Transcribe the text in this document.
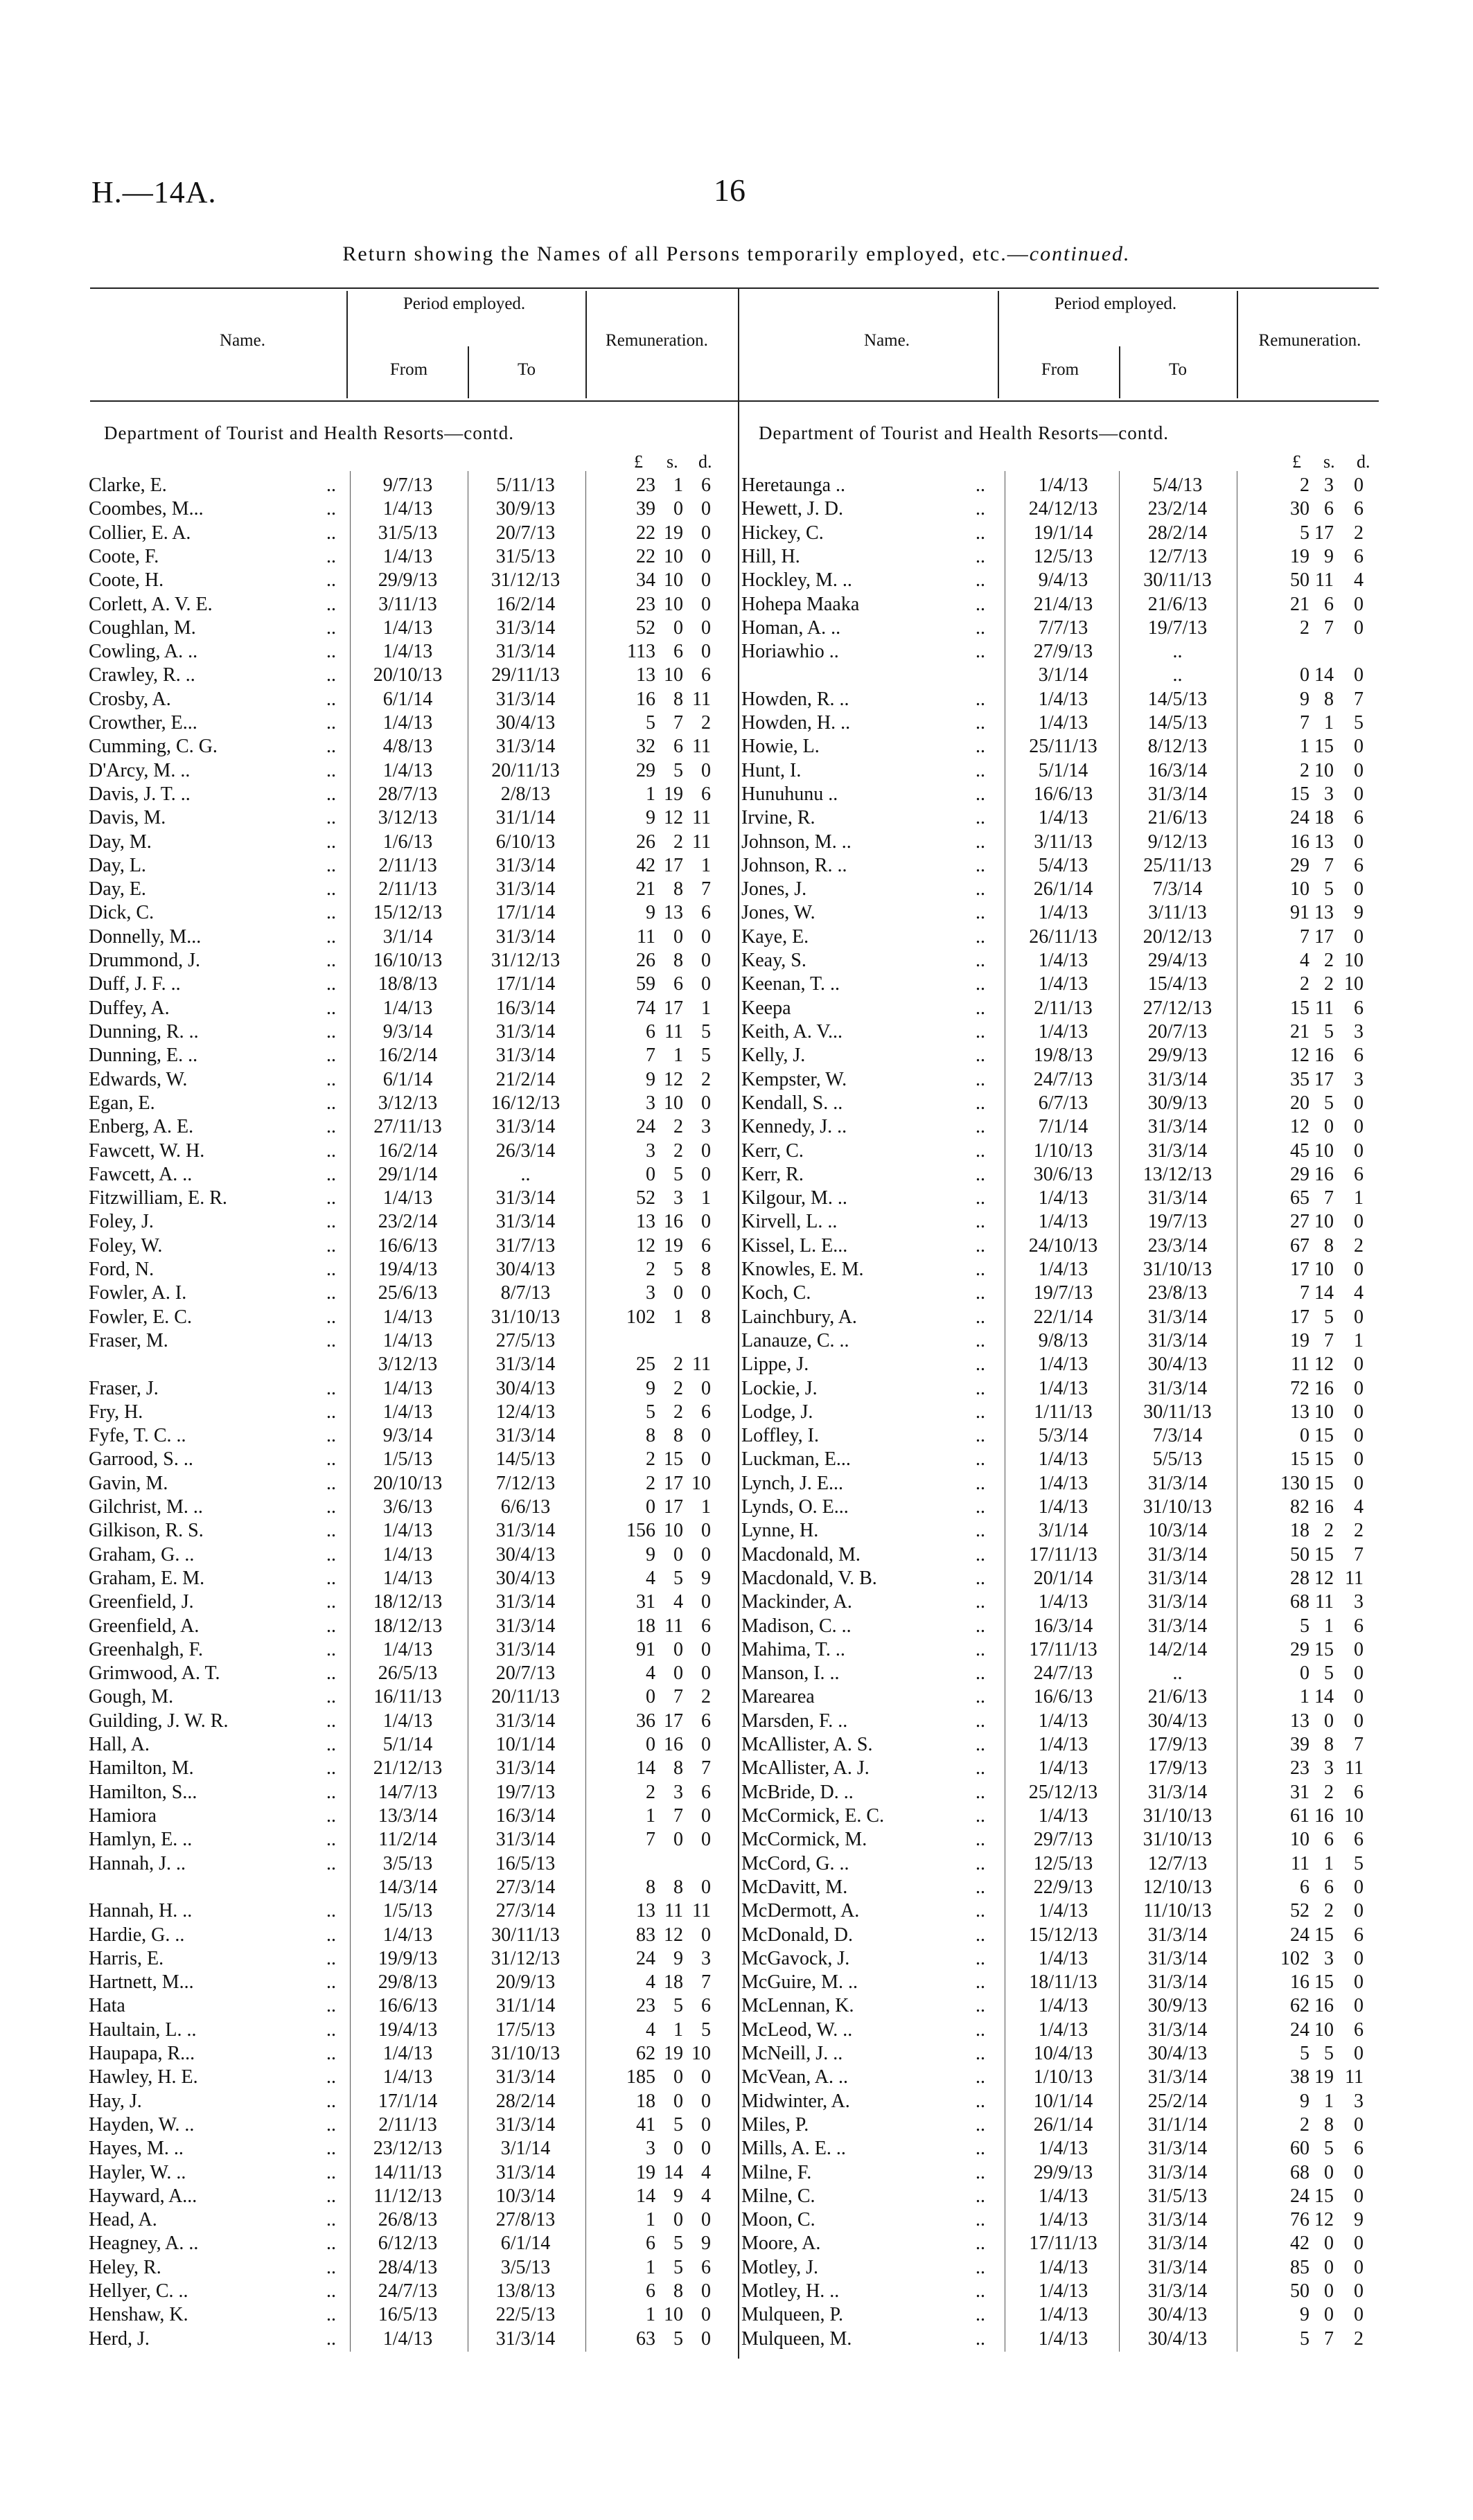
H.—14A.	16
Return showing the Names of all Persons temporarily employed, etc.—continued.
Name.
Period employed.
From	To
Remuneration.	Name.
Period employed.
From	To
Remuneration.
Department of Tourist and Health Resorts—contd.	Department of Tourist and Health Resorts—contd.
£ s. d.	£ s. d.
Clarke, E.	..	9/7/13	5/11/13	23 1 6
Coombes, M...	..	1/4/13	30/9/13	39 0 0
Collier, E. A.	..	31/5/13	20/7/13	22 19 0
Coote, F.	..	1/4/13	31/5/13	22 10 0
Coote, H.	..	29/9/13	31/12/13	34 10 0
Corlett, A. V. E.	..	3/11/13	16/2/14	23 10 0
Coughlan, M.	..	1/4/13	31/3/14	52 0 0
Cowling, A. ..	..	1/4/13	31/3/14	113 6 0
Crawley, R. ..	..	20/10/13	29/11/13	13 10 6
Crosby, A.	..	6/1/14	31/3/14	16 8 11
Crowther, E...	..	1/4/13	30/4/13	5 7 2
Cumming, C. G.	..	4/8/13	31/3/14	32 6 11
D'Arcy, M. ..	..	1/4/13	20/11/13	29 5 0
Davis, J. T. ..	..	28/7/13	2/8/13	1 19 6
Davis, M.	..	3/12/13	31/1/14	9 12 11
Day, M.	..	1/6/13	6/10/13	26 2 11
Day, L.	..	2/11/13	31/3/14	42 17 1
Day, E.	..	2/11/13	31/3/14	21 8 7
Dick, C.	..	15/12/13	17/1/14	9 13 6
Donnelly, M...	..	3/1/14	31/3/14	11 0 0
Drummond, J.	..	16/10/13	31/12/13	26 8 0
Duff, J. F. ..	..	18/8/13	17/1/14	59 6 0
Duffey, A.	..	1/4/13	16/3/14	74 17 1
Dunning, R. ..	..	9/3/14	31/3/14	6 11 5
Dunning, E. ..	..	16/2/14	31/3/14	7 1 5
Edwards, W.	..	6/1/14	21/2/14	9 12 2
Egan, E.	..	3/12/13	16/12/13	3 10 0
Enberg, A. E.	..	27/11/13	31/3/14	24 2 3
Fawcett, W. H.	..	16/2/14	26/3/14	3 2 0
Fawcett, A. ..	..	29/1/14	..	0 5 0
Fitzwilliam, E. R.	..	1/4/13	31/3/14	52 3 1
Foley, J.	..	23/2/14	31/3/14	13 16 0
Foley, W.	..	16/6/13	31/7/13	12 19 6
Ford, N.	..	19/4/13	30/4/13	2 5 8
Fowler, A. I.	..	25/6/13	8/7/13	3 0 0
Fowler, E. C.	..	1/4/13	31/10/13	102 1 8
Fraser, M.	..	1/4/13	27/5/13
3/12/13	31/3/14	25 2 11
Fraser, J.	..	1/4/13	30/4/13	9 2 0
Fry, H.	..	1/4/13	12/4/13	5 2 6
Fyfe, T. C. ..	..	9/3/14	31/3/14	8 8 0
Garrood, S. ..	..	1/5/13	14/5/13	2 15 0
Gavin, M.	..	20/10/13	7/12/13	2 17 10
Gilchrist, M. ..	..	3/6/13	6/6/13	0 17 1
Gilkison, R. S.	..	1/4/13	31/3/14	156 10 0
Graham, G. ..	..	1/4/13	30/4/13	9 0 0
Graham, E. M.	..	1/4/13	30/4/13	4 5 9
Greenfield, J.	..	18/12/13	31/3/14	31 4 0
Greenfield, A.	..	18/12/13	31/3/14	18 11 6
Greenhalgh, F.	..	1/4/13	31/3/14	91 0 0
Grimwood, A. T.	..	26/5/13	20/7/13	4 0 0
Gough, M.	..	16/11/13	20/11/13	0 7 2
Guilding, J. W. R.	..	1/4/13	31/3/14	36 17 6
Hall, A.	..	5/1/14	10/1/14	0 16 0
Hamilton, M.	..	21/12/13	31/3/14	14 8 7
Hamilton, S...	..	14/7/13	19/7/13	2 3 6
Hamiora	..	13/3/14	16/3/14	1 7 0
Hamlyn, E. ..	..	11/2/14	31/3/14	7 0 0
Hannah, J. ..	..	3/5/13	16/5/13
14/3/14	27/3/14	8 8 0
Hannah, H. ..	..	1/5/13	27/3/14	13 11 11
Hardie, G. ..	..	1/4/13	30/11/13	83 12 0
Harris, E.	..	19/9/13	31/12/13	24 9 3
Hartnett, M...	..	29/8/13	20/9/13	4 18 7
Hata	..	16/6/13	31/1/14	23 5 6
Haultain, L. ..	..	19/4/13	17/5/13	4 1 5
Haupapa, R...	..	1/4/13	31/10/13	62 19 10
Hawley, H. E.	..	1/4/13	31/3/14	185 0 0
Hay, J.	..	17/1/14	28/2/14	18 0 0
Hayden, W. ..	..	2/11/13	31/3/14	41 5 0
Hayes, M. ..	..	23/12/13	3/1/14	3 0 0
Hayler, W. ..	..	14/11/13	31/3/14	19 14 4
Hayward, A...	..	11/12/13	10/3/14	14 9 4
Head, A.	..	26/8/13	27/8/13	1 0 0
Heagney, A. ..	..	6/12/13	6/1/14	6 5 9
Heley, R.	..	28/4/13	3/5/13	1 5 6
Hellyer, C. ..	..	24/7/13	13/8/13	6 8 0
Henshaw, K.	..	16/5/13	22/5/13	1 10 0
Herd, J.	..	1/4/13	31/3/14	63 5 0
Heretaunga ..	..	1/4/13	5/4/13	2 3	0
Hewett, J. D.	..	24/12/13	23/2/14	30 6	6
Hickey, C.	..	19/1/14	28/2/14	5 17	2
Hill, H.	..	12/5/13	12/7/13	19 9	6
Hockley, M. ..	..	9/4/13	30/11/13	50 11	4
Hohepa Maaka	..	21/4/13	21/6/13	21 6	0
Homan, A. ..	..	7/7/13	19/7/13	2 7	0
Horiawhio ..	..	27/9/13	..
3/1/14	..	0 14	0
Howden, R. ..	..	1/4/13	14/5/13	9 8	7
Howden, H. ..	..	1/4/13	14/5/13	7 1	5
Howie, L.	..	25/11/13	8/12/13	1 15	0
Hunt, I.	..	5/1/14	16/3/14	2 10	0
Hunuhunu ..	..	16/6/13	31/3/14	15 3	0
Irvine, R.	..	1/4/13	21/6/13	24 18	6
Johnson, M. ..	..	3/11/13	9/12/13	16 13	0
Johnson, R. ..	..	5/4/13	25/11/13	29 7	6
Jones, J.	..	26/1/14	7/3/14	10 5	0
Jones, W.	..	1/4/13	3/11/13	91 13	9
Kaye, E.	..	26/11/13	20/12/13	7 17	0
Keay, S.	..	1/4/13	29/4/13	4 2 10
Keenan, T. ..	..	1/4/13	15/4/13	2 2 10
Keepa	..	2/11/13	27/12/13	15 11	6
Keith, A. V...	..	1/4/13	20/7/13	21 5	3
Kelly, J.	..	19/8/13	29/9/13	12 16	6
Kempster, W.	..	24/7/13	31/3/14	35 17	3
Kendall, S. ..	..	6/7/13	30/9/13	20 5	0
Kennedy, J. ..	..	7/1/14	31/3/14	12 0	0
Kerr, C.	..	1/10/13	31/3/14	45 10	0
Kerr, R.	..	30/6/13	13/12/13	29 16	6
Kilgour, M. ..	..	1/4/13	31/3/14	65 7	1
Kirvell, L. ..	..	1/4/13	19/7/13	27 10	0
Kissel, L. E...	..	24/10/13	23/3/14	67 8	2
Knowles, E. M.	..	1/4/13	31/10/13	17 10	0
Koch, C.	..	19/7/13	23/8/13	7 14	4
Lainchbury, A.	..	22/1/14	31/3/14	17 5	0
Lanauze, C. ..	..	9/8/13	31/3/14	19 7	1
Lippe, J.	..	1/4/13	30/4/13	11 12	0
Lockie, J.	..	1/4/13	31/3/14	72 16	0
Lodge, J.	..	1/11/13	30/11/13	13 10	0
Loffley, I.	..	5/3/14	7/3/14	0 15	0
Luckman, E...	..	1/4/13	5/5/13	15 15	0
Lynch, J. E...	..	1/4/13	31/3/14	130 15	0
Lynds, O. E...	..	1/4/13	31/10/13	82 16	4
Lynne, H.	..	3/1/14	10/3/14	18 2	2
Macdonald, M.	..	17/11/13	31/3/14	50 15	7
Macdonald, V. B.	..	20/1/14	31/3/14	28 12 11
Mackinder, A.	..	1/4/13	31/3/14	68 11	3
Madison, C. ..	..	16/3/14	31/3/14	5 1	6
Mahima, T. ..	..	17/11/13	14/2/14	29 15	0
Manson, I. ..	..	24/7/13	..	0 5	0
Marearea	..	16/6/13	21/6/13	1 14	0
Marsden, F. ..	..	1/4/13	30/4/13	13 0	0
McAllister, A. S.	..	1/4/13	17/9/13	39 8	7
McAllister, A. J.	..	1/4/13	17/9/13	23 3 11
McBride, D. ..	..	25/12/13	31/3/14	31 2	6
McCormick, E. C.	..	1/4/13	31/10/13	61 16 10
McCormick, M.	..	29/7/13	31/10/13	10 6	6
McCord, G. ..	..	12/5/13	12/7/13	11 1	5
McDavitt, M.	..	22/9/13	12/10/13	6 6	0
McDermott, A.	..	1/4/13	11/10/13	52 2	0
McDonald, D.	..	15/12/13	31/3/14	24 15	6
McGavock, J.	..	1/4/13	31/3/14	102 3	0
McGuire, M. ..	..	18/11/13	31/3/14	16 15	0
McLennan, K.	..	1/4/13	30/9/13	62 16	0
McLeod, W. ..	..	1/4/13	31/3/14	24 10	6
McNeill, J. ..	..	10/4/13	30/4/13	5 5	0
McVean, A. ..	..	1/10/13	31/3/14	38 19 11
Midwinter, A.	..	10/1/14	25/2/14	9 1	3
Miles, P.	..	26/1/14	31/1/14	2 8	0
Mills, A. E. ..	..	1/4/13	31/3/14	60 5	6
Milne, F.	..	29/9/13	31/3/14	68 0	0
Milne, C.	..	1/4/13	31/5/13	24 15	0
Moon, C.	..	1/4/13	31/3/14	76 12	9
Moore, A.	..	17/11/13	31/3/14	42 0	0
Motley, J.	..	1/4/13	31/3/14	85 0	0
Motley, H. ..	..	1/4/13	31/3/14	50 0	0
Mulqueen, P.	..	1/4/13	30/4/13	9 0	0
Mulqueen, M.	..	1/4/13	30/4/13	5 7	2
